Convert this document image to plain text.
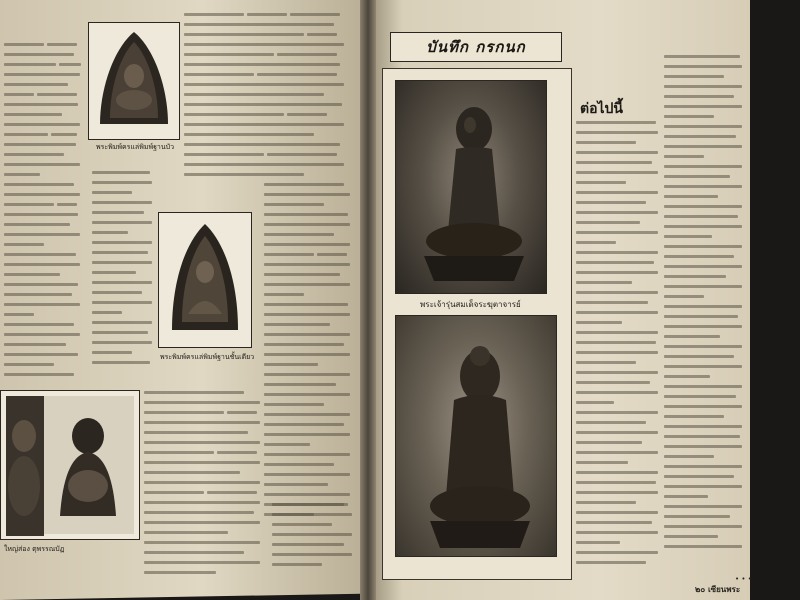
พระพิมพ์ครแล่พิมพ์ฐานบัว
พระพิมพ์ครแล่พิมพ์ฐานชั้นเดียว
ใหญ่ส่อง ตุพรรณบัฏ
บันทึก กรกนก
พระเจ้ารุ่นสมเด็จระฆุตาจารย์
ต่อไปนี้
• • •
๒๐ เซียนพระ
